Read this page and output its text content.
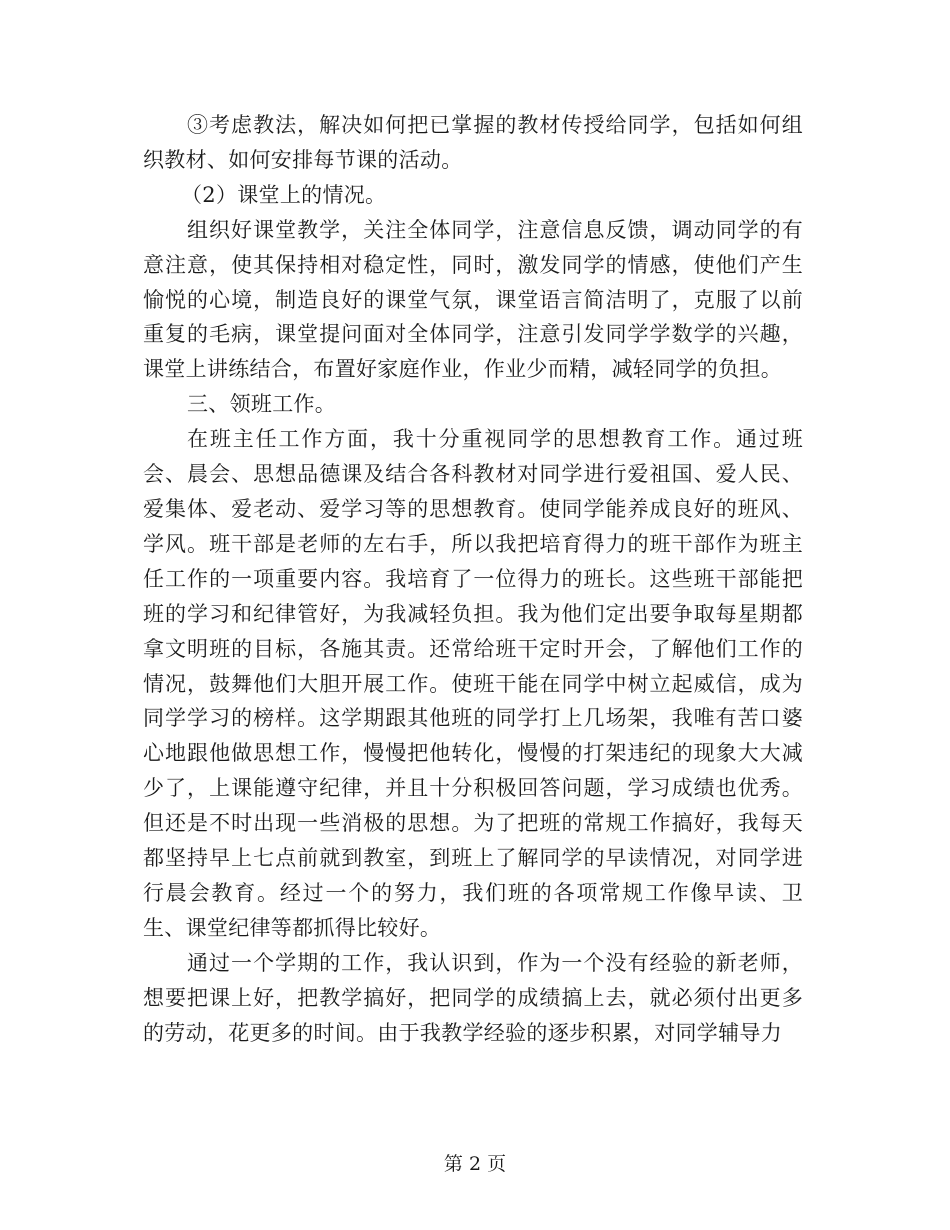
③考虑教法，解决如何把已掌握的教材传授给同学，包括如何组织教材、如何安排每节课的活动。

（2）课堂上的情况。

组织好课堂教学，关注全体同学，注意信息反馈，调动同学的有意注意，使其保持相对稳定性，同时，激发同学的情感，使他们产生愉悦的心境，制造良好的课堂气氛，课堂语言简洁明了，克服了以前重复的毛病，课堂提问面对全体同学，注意引发同学学数学的兴趣，课堂上讲练结合，布置好家庭作业，作业少而精，减轻同学的负担。

三、领班工作。

在班主任工作方面，我十分重视同学的思想教育工作。通过班会、晨会、思想品德课及结合各科教材对同学进行爱祖国、爱人民、爱集体、爱老动、爱学习等的思想教育。使同学能养成良好的班风、学风。班干部是老师的左右手，所以我把培育得力的班干部作为班主任工作的一项重要内容。我培育了一位得力的班长。这些班干部能把班的学习和纪律管好，为我减轻负担。我为他们定出要争取每星期都拿文明班的目标，各施其责。还常给班干定时开会，了解他们工作的情况，鼓舞他们大胆开展工作。使班干能在同学中树立起威信，成为同学学习的榜样。这学期跟其他班的同学打上几场架，我唯有苦口婆心地跟他做思想工作，慢慢把他转化，慢慢的打架违纪的现象大大减少了，上课能遵守纪律，并且十分积极回答问题，学习成绩也优秀。但还是不时出现一些消极的思想。为了把班的常规工作搞好，我每天都坚持早上七点前就到教室，到班上了解同学的早读情况，对同学进行晨会教育。经过一个的努力，我们班的各项常规工作像早读、卫生、课堂纪律等都抓得比较好。

通过一个学期的工作，我认识到，作为一个没有经验的新老师，想要把课上好，把教学搞好，把同学的成绩搞上去，就必须付出更多的劳动，花更多的时间。由于我教学经验的逐步积累，对同学辅导力

第 2 页
